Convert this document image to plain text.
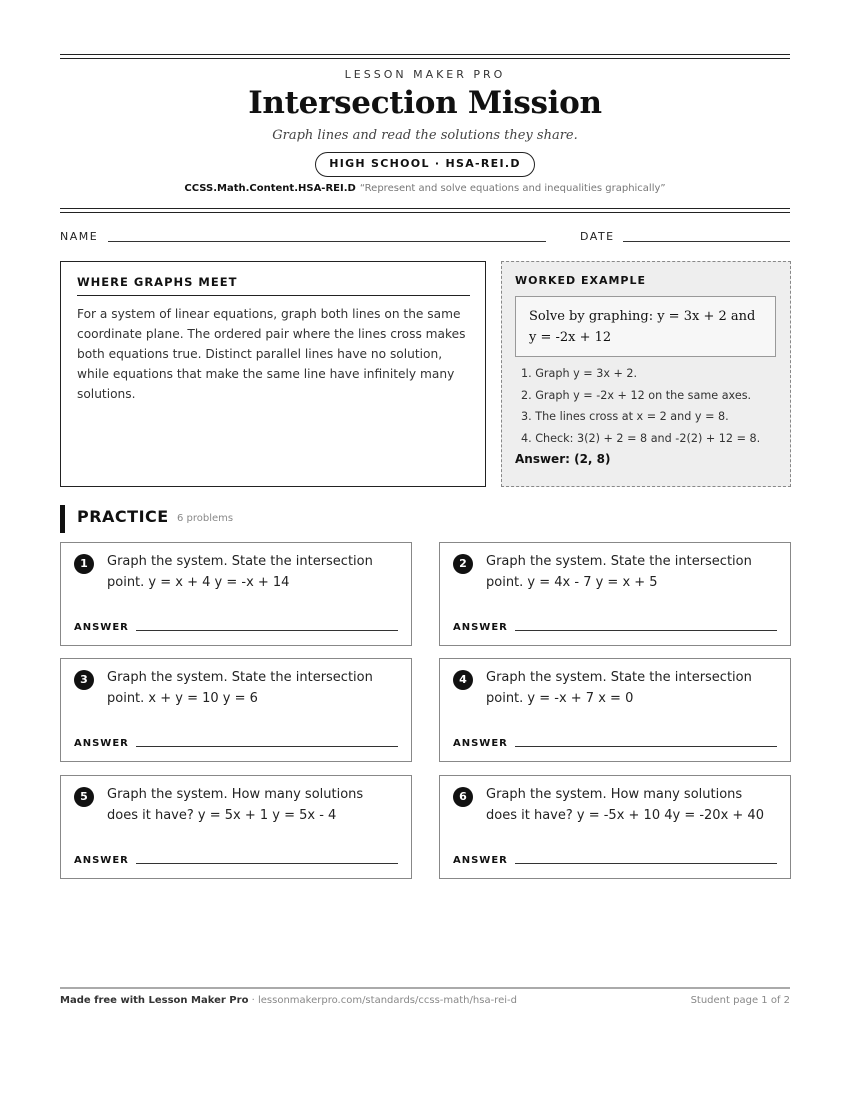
LESSON MAKER PRO
Intersection Mission
Graph lines and read the solutions they share.
HIGH SCHOOL · HSA-REI.D
CCSS.Math.Content.HSA-REI.D “Represent and solve equations and inequalities graphically”
NAME	DATE
WHERE GRAPHS MEET
For a system of linear equations, graph both lines on the same coordinate plane. The ordered pair where the lines cross makes both equations true. Distinct parallel lines have no solution, while equations that make the same line have infinitely many solutions.
WORKED EXAMPLE
Solve by graphing: y = 3x + 2 and y = -2x + 12
1. Graph y = 3x + 2.
2. Graph y = -2x + 12 on the same axes.
3. The lines cross at x = 2 and y = 8.
4. Check: 3(2) + 2 = 8 and -2(2) + 12 = 8.
Answer: (2, 8)
PRACTICE 6 problems
1	Graph the system. State the intersection point. y = x + 4 y = -x + 14
ANSWER
2	Graph the system. State the intersection point. y = 4x - 7 y = x + 5
ANSWER
3	Graph the system. State the intersection point. x + y = 10 y = 6
ANSWER
4	Graph the system. State the intersection point. y = -x + 7 x = 0
ANSWER
5	Graph the system. How many solutions does it have? y = 5x + 1 y = 5x - 4
ANSWER
6	Graph the system. How many solutions does it have? y = -5x + 10 4y = -20x + 40
ANSWER
Made free with Lesson Maker Pro · lessonmakerpro.com/standards/ccss-math/hsa-rei-d	Student page 1 of 2
